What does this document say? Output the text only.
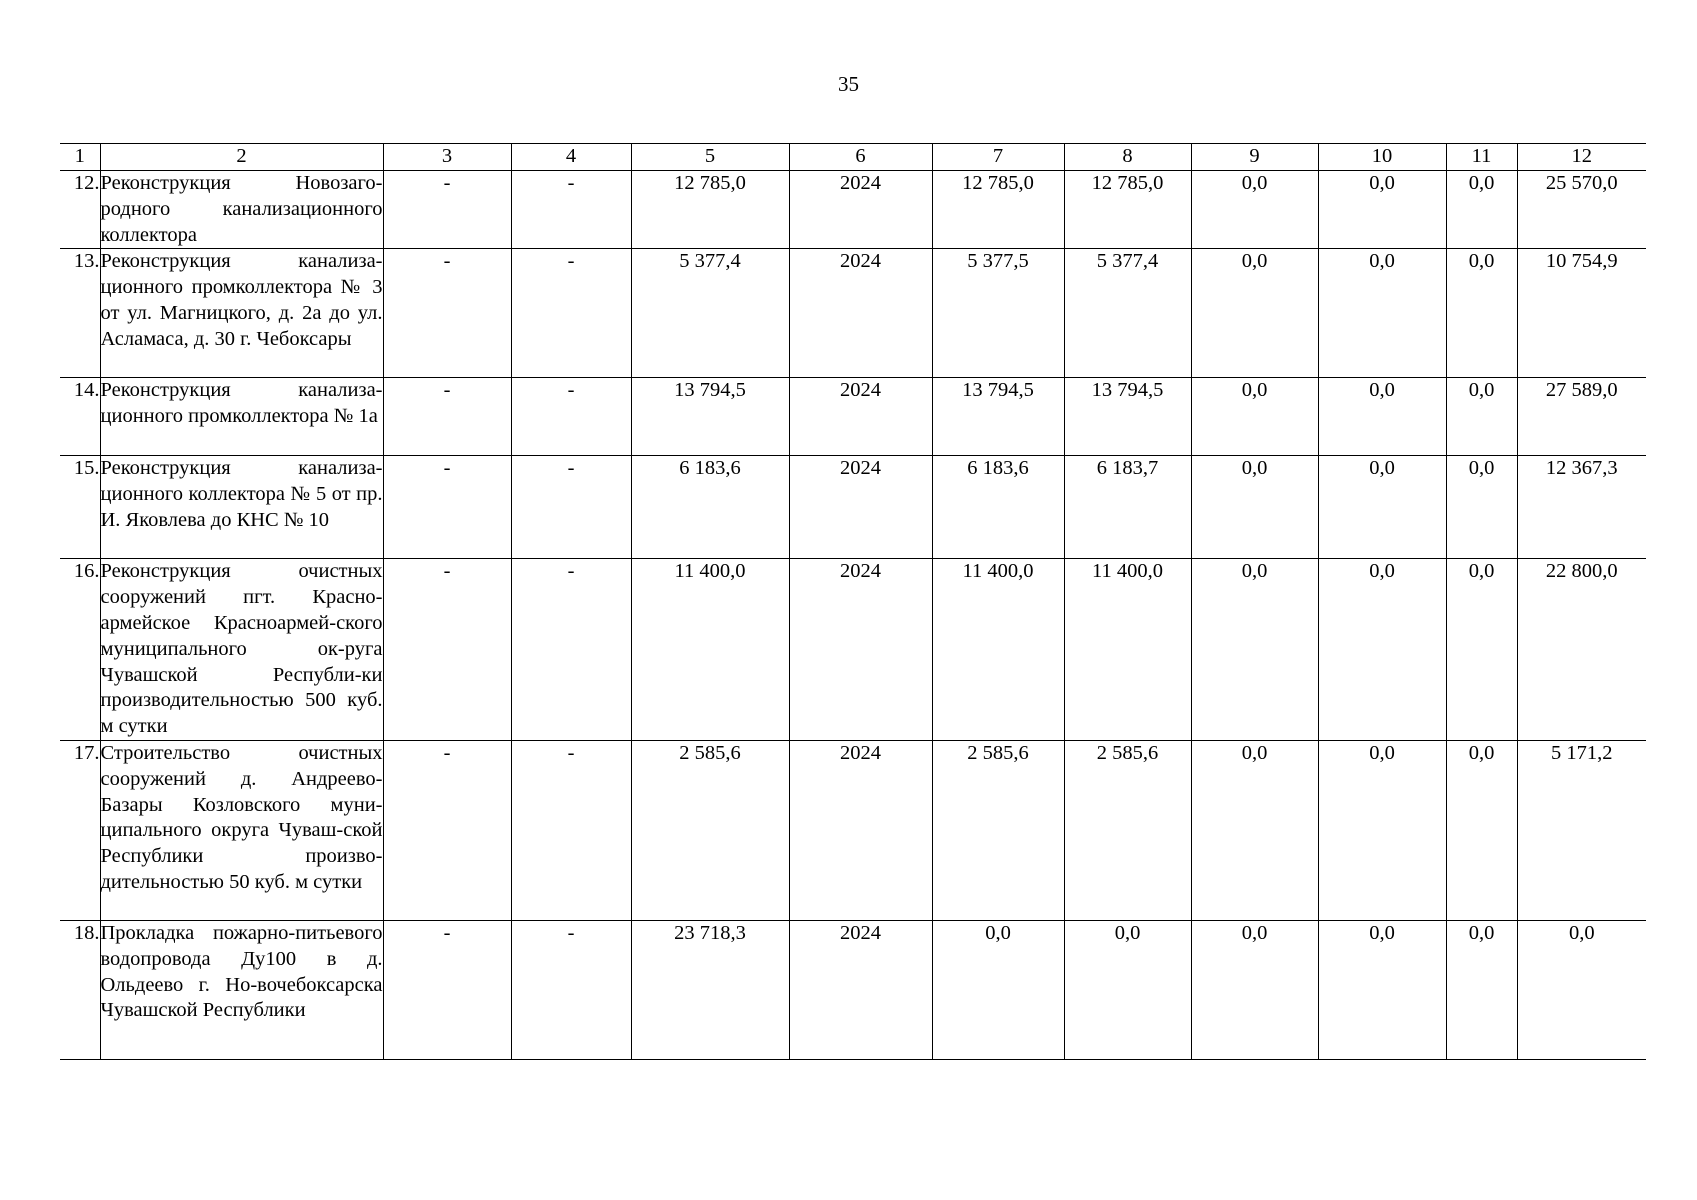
35
1	2	3	4	5	6	7	8	9	10	11	12
12.	Реконструкция Новозаго-родного канализационного коллектора	-	-	12 785,0	2024	12 785,0	12 785,0	0,0	0,0	0,0	25 570,0
13.	Реконструкция канализа-ционного промколлектора № 3 от ул. Магницкого, д. 2а до ул. Асламаса, д. 30 г. Чебоксары	-	-	5 377,4	2024	5 377,5	5 377,4	0,0	0,0	0,0	10 754,9
14.	Реконструкция канализа-ционного промколлектора № 1а	-	-	13 794,5	2024	13 794,5	13 794,5	0,0	0,0	0,0	27 589,0
15.	Реконструкция канализа-ционного коллектора № 5 от пр. И. Яковлева до КНС № 10	-	-	6 183,6	2024	6 183,6	6 183,7	0,0	0,0	0,0	12 367,3
16.	Реконструкция очистных сооружений пгт. Красно-армейское Красноармей-ского муниципального ок-руга Чувашской Республи-ки производительностью 500 куб. м сутки	-	-	11 400,0	2024	11 400,0	11 400,0	0,0	0,0	0,0	22 800,0
17.	Строительство очистных сооружений д. Андреево-Базары Козловского муни-ципального округа Чуваш-ской Республики произво-дительностью 50 куб. м сутки	-	-	2 585,6	2024	2 585,6	2 585,6	0,0	0,0	0,0	5 171,2
18.	Прокладка пожарно-питьевого водопровода Ду100 в д. Ольдеево г. Но-вочебоксарска Чувашской Республики	-	-	23 718,3	2024	0,0	0,0	0,0	0,0	0,0	0,0
